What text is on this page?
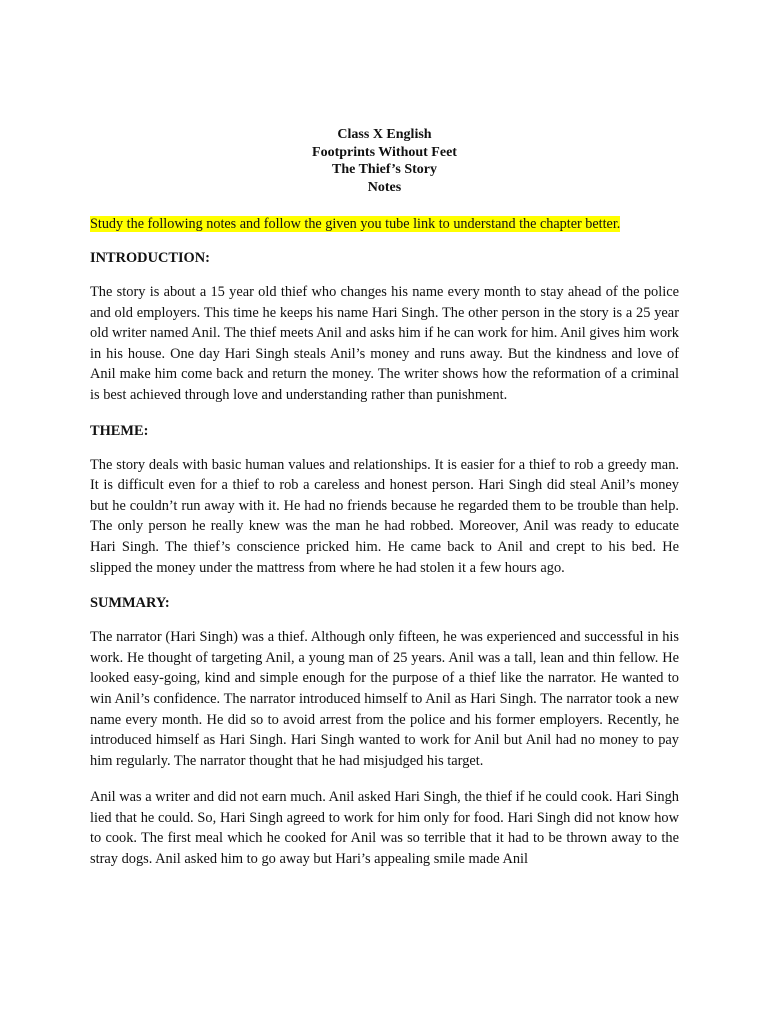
Class X English
Footprints Without Feet
The Thief’s Story
Notes
Study the following notes and follow the given you tube link to understand the chapter better.
INTRODUCTION:
The story is about a 15 year old thief who changes his name every month to stay ahead of the police and old employers. This time he keeps his name Hari Singh. The other person in the story is a 25 year old writer named Anil. The thief meets Anil and asks him if he can work for him. Anil gives him work in his house. One day Hari Singh steals Anil’s money and runs away. But the kindness and love of Anil make him come back and return the money. The writer shows how the reformation of a criminal is best achieved through love and understanding rather than punishment.
THEME:
The story deals with basic human values and relationships. It is easier for a thief to rob a greedy man. It is difficult even for a thief to rob a careless and honest person. Hari Singh did steal Anil’s money but he couldn’t run away with it. He had no friends because he regarded them to be trouble than help. The only person he really knew was the man he had robbed. Moreover, Anil was ready to educate Hari Singh. The thief’s conscience pricked him. He came back to Anil and crept to his bed. He slipped the money under the mattress from where he had stolen it a few hours ago.
SUMMARY:
The narrator (Hari Singh) was a thief. Although only fifteen, he was experienced and successful in his work. He thought of targeting Anil, a young man of 25 years. Anil was a tall, lean and thin fellow. He looked easy-going, kind and simple enough for the purpose of a thief like the narrator. He wanted to win Anil’s confidence. The narrator introduced himself to Anil as Hari Singh. The narrator took a new name every month. He did so to avoid arrest from the police and his former employers. Recently, he introduced himself as Hari Singh. Hari Singh wanted to work for Anil but Anil had no money to pay him regularly. The narrator thought that he had misjudged his target.
Anil was a writer and did not earn much. Anil asked Hari Singh, the thief if he could cook. Hari Singh lied that he could. So, Hari Singh agreed to work for him only for food. Hari Singh did not know how to cook. The first meal which he cooked for Anil was so terrible that it had to be thrown away to the stray dogs. Anil asked him to go away but Hari’s appealing smile made Anil
